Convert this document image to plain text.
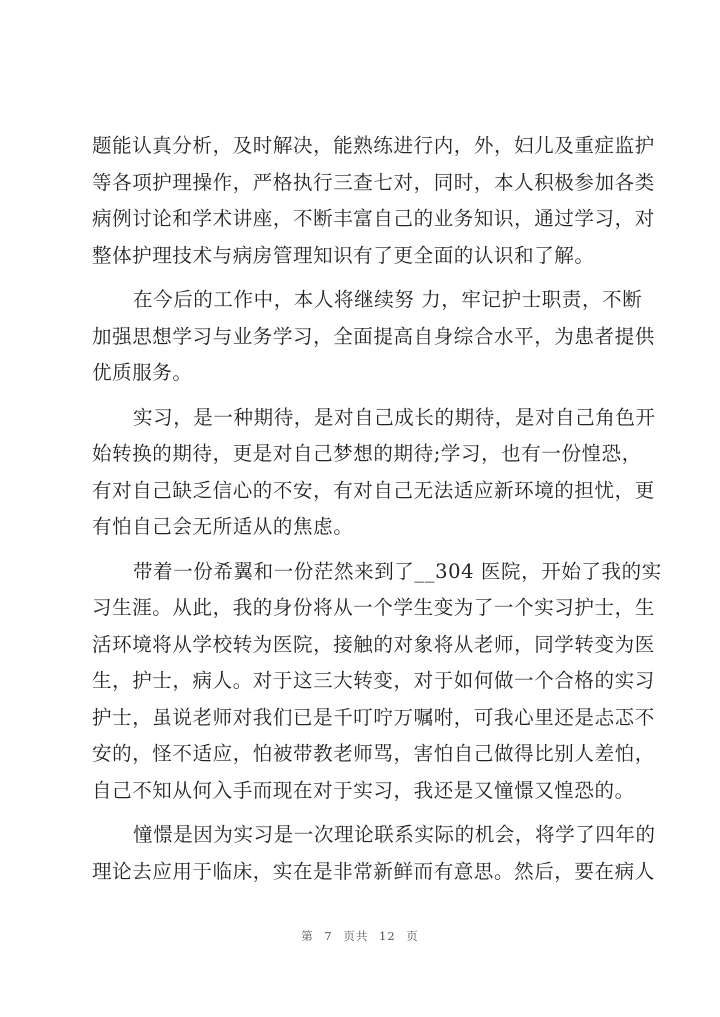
题能认真分析，及时解决，能熟练进行内，外，妇儿及重症监护
等各项护理操作，严格执行三查七对，同时，本人积极参加各类
病例讨论和学术讲座，不断丰富自己的业务知识，通过学习，对
整体护理技术与病房管理知识有了更全面的认识和了解。
在今后的工作中，本人将继续努 力，牢记护士职责，不断
加强思想学习与业务学习，全面提高自身综合水平，为患者提供
优质服务。
实习，是一种期待，是对自己成长的期待，是对自己角色开
始转换的期待，更是对自己梦想的期待;学习，也有一份惶恐，
有对自己缺乏信心的不安，有对自己无法适应新环境的担忧，更
有怕自己会无所适从的焦虑。
带着一份希翼和一份茫然来到了__304 医院，开始了我的实
习生涯。从此，我的身份将从一个学生变为了一个实习护士，生
活环境将从学校转为医院，接触的对象将从老师，同学转变为医
生，护士，病人。对于这三大转变，对于如何做一个合格的实习
护士，虽说老师对我们已是千叮咛万嘱咐，可我心里还是忐忑不
安的，怪不适应，怕被带教老师骂，害怕自己做得比别人差怕，
自己不知从何入手而现在对于实习，我还是又憧憬又惶恐的。
憧憬是因为实习是一次理论联系实际的机会，将学了四年的
理论去应用于临床，实在是非常新鲜而有意思。然后，要在病人
第 7 页共 12 页
